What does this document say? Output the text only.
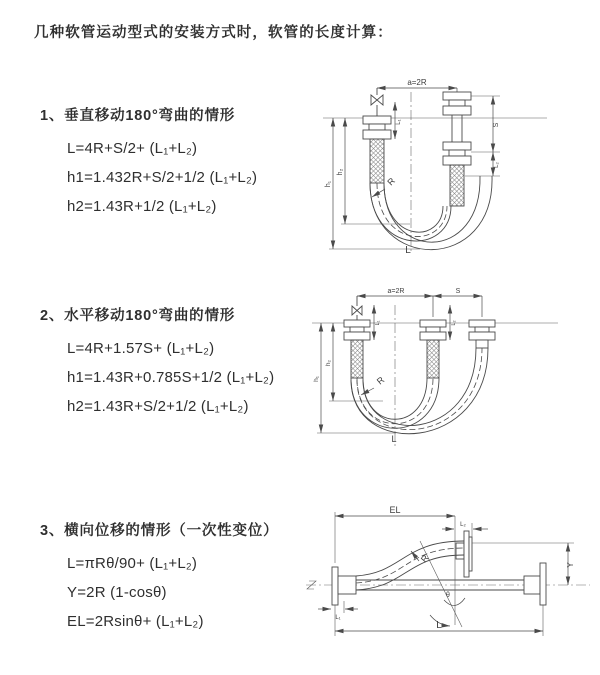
几种软管运动型式的安装方式时，软管的长度计算：
1、垂直移动180°弯曲的情形
L=4R+S/2+ (L₁+L₂)
h1=1.432R+S/2+1/2 (L₁+L₂)
h2=1.43R+1/2 (L₁+L₂)
2、水平移动180°弯曲的情形
L=4R+1.57S+ (L₁+L₂)
h1=1.43R+0.785S+1/2 (L₁+L₂)
h2=1.43R+S/2+1/2 (L₁+L₂)
3、横向位移的情形（一次性变位）
L=πRθ/90+ (L₁+L₂)
Y=2R (1-cosθ)
EL=2Rsinθ+ (L₁+L₂)
a=2R
h₁
h₂
L₁
S
L₂
R
L
a=2R	S
h₁
h₂
L₁	L₂
R
L
EL
L₂
Y
R
θ
L
L₁
